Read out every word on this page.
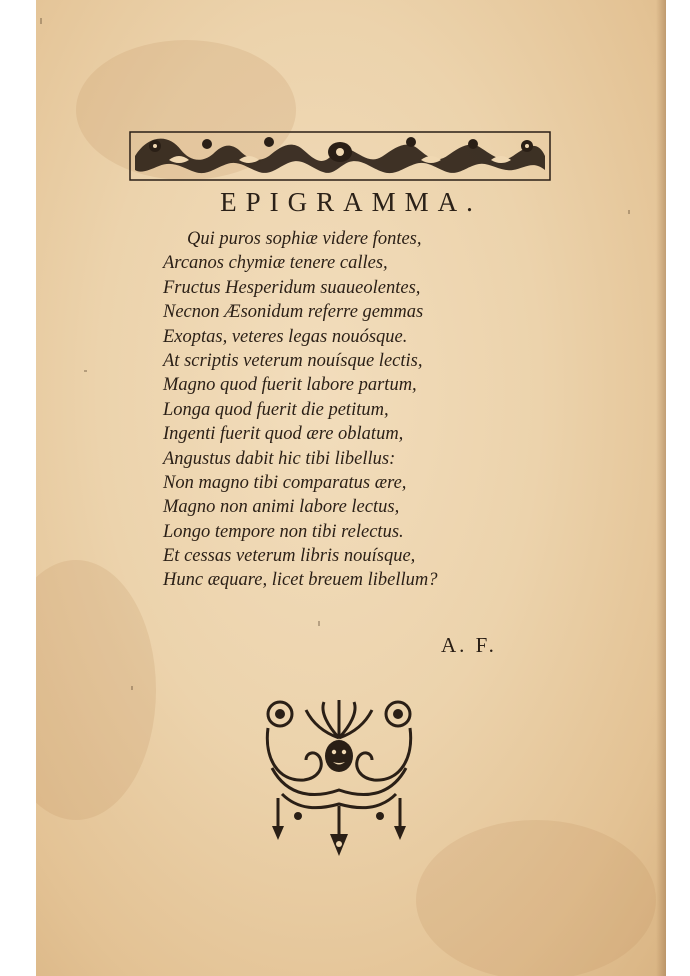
EPIGRAMMA.
Qui puros sophiæ videre fontes,
Arcanos chymiæ tenere calles,
Fructus Hesperidum suaueolentes,
Necnon Æsonidum referre gemmas
Exoptas, veteres legas nouósque.
At scriptis veterum nouísque lectis,
Magno quod fuerit labore partum,
Longa quod fuerit die petitum,
Ingenti fuerit quod ære oblatum,
Angustus dabit hic tibi libellus:
Non magno tibi comparatus ære,
Magno non animi labore lectus,
Longo tempore non tibi relectus.
Et cessas veterum libris nouísque,
Hunc æquare, licet breuem libellum?
A. F.
